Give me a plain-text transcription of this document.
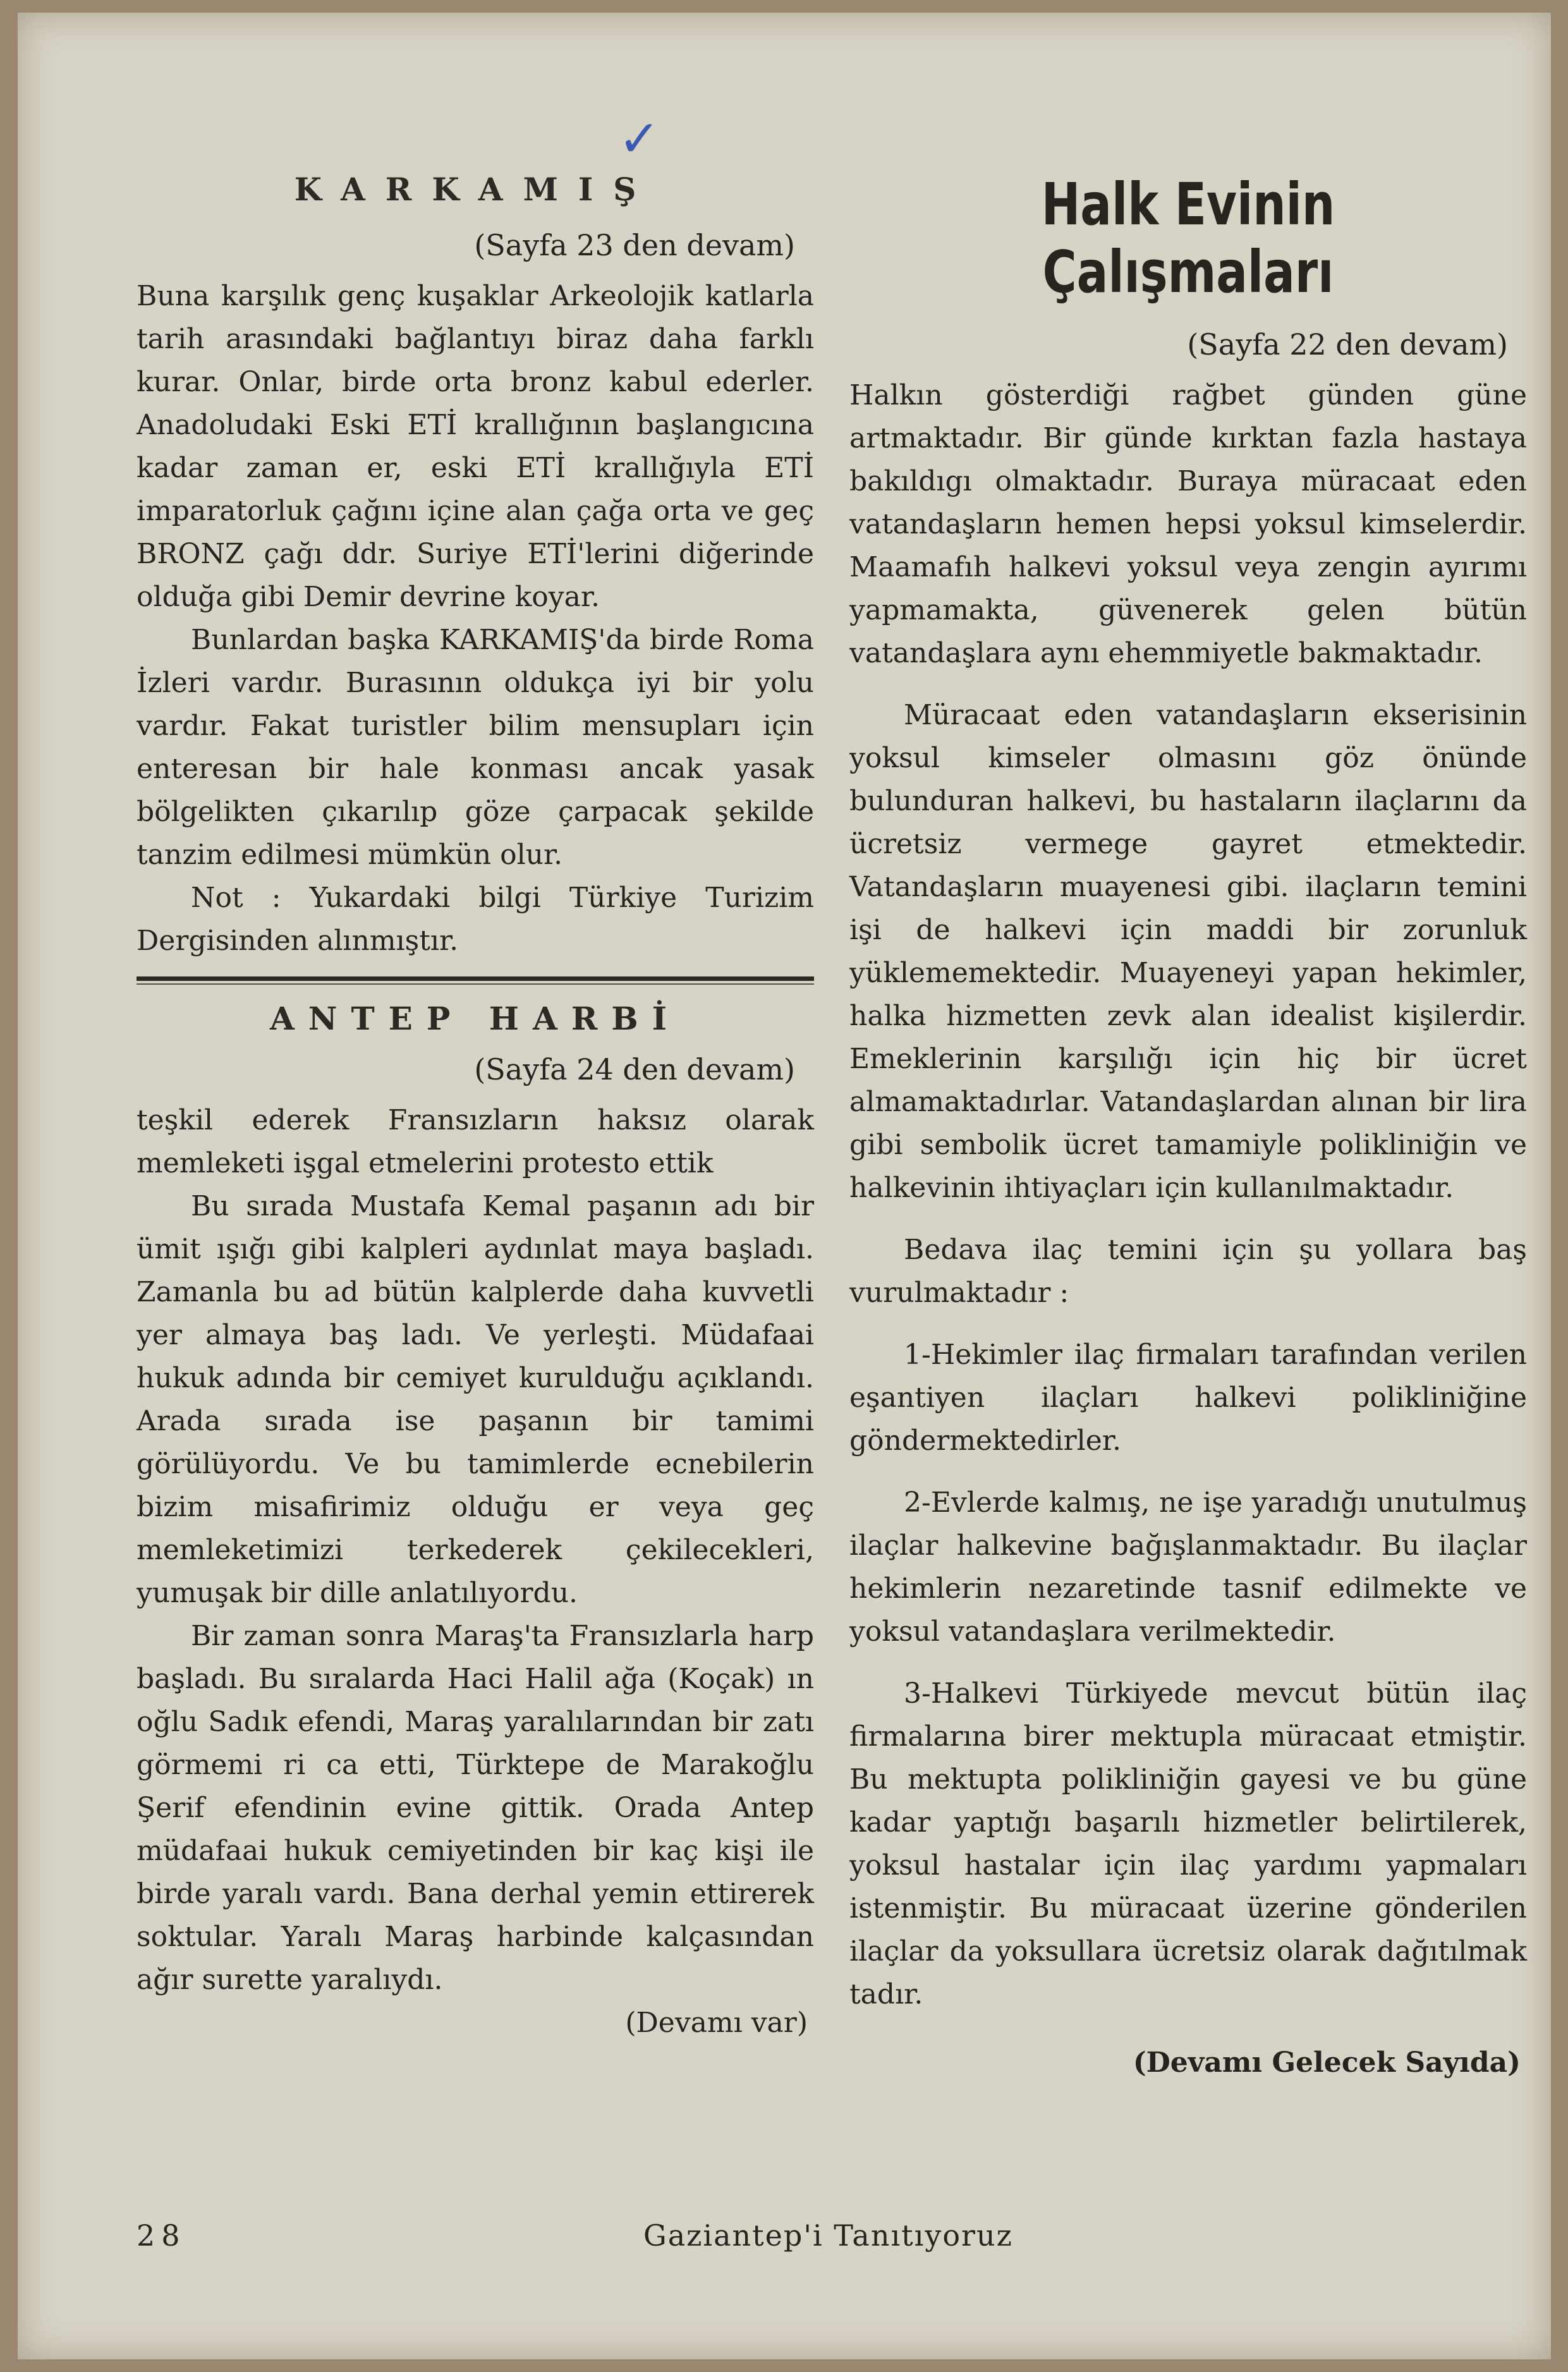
✓
KARKAMIŞ
(Sayfa 23 den devam)

Buna karşılık genç kuşaklar Arkeolojik katlarla tarih arasındaki bağlantıyı biraz daha farklı kurar. Onlar, birde orta bronz kabul ederler. Anadoludaki Eski ETİ krallığının başlangıcına kadar zaman er, eski ETİ krallığıyla ETİ imparatorluk çağını içine alan çağa orta ve geç BRONZ çağı ddr. Suriye ETİ'lerini diğerinde olduğa gibi Demir devrine koyar.

Bunlardan başka KARKAMIŞ'da birde Roma İzleri vardır. Burasının oldukça iyi bir yolu vardır. Fakat turistler bilim mensupları için enteresan bir hale konması ancak yasak bölgelikten çıkarılıp göze çarpacak şekilde tanzim edilmesi mümkün olur.

Not : Yukardaki bilgi Türkiye Turizim Dergisinden alınmıştır.

ANTEP HARBİ
(Sayfa 24 den devam)

teşkil ederek Fransızların haksız olarak memleketi işgal etmelerini protesto ettik

Bu sırada Mustafa Kemal paşanın adı bir ümit ışığı gibi kalpleri aydınlat maya başladı. Zamanla bu ad bütün kalplerde daha kuvvetli yer almaya baş ladı. Ve yerleşti. Müdafaai hukuk adında bir cemiyet kurulduğu açıklandı. Arada sırada ise paşanın bir tamimi görülüyordu. Ve bu tamimlerde ecnebilerin bizim misafirimiz olduğu er veya geç memleketimizi terkederek çekilecekleri, yumuşak bir dille anlatılıyordu.

Bir zaman sonra Maraş'ta Fransızlarla harp başladı. Bu sıralarda Haci Halil ağa (Koçak) ın oğlu Sadık efendi, Maraş yaralılarından bir zatı görmemi ri ca etti, Türktepe de Marakoğlu Şerif efendinin evine gittik. Orada Antep müdafaai hukuk cemiyetinden bir kaç kişi ile birde yaralı vardı. Bana derhal yemin ettirerek soktular. Yaralı Maraş harbinde kalçasından ağır surette yaralıydı.

(Devamı var)
Halk Evinin Çalışmaları
(Sayfa 22 den devam)

Halkın gösterdiği rağbet günden güne artmaktadır. Bir günde kırktan fazla hastaya bakıldıgı olmaktadır. Buraya müracaat eden vatandaşların hemen hepsi yoksul kimselerdir. Maamafıh halkevi yoksul veya zengin ayırımı yapmamakta, güvenerek gelen bütün vatandaşlara aynı ehemmiyetle bakmaktadır.

Müracaat eden vatandaşların ekserisinin yoksul kimseler olmasını göz önünde bulunduran halkevi, bu hastaların ilaçlarını da ücretsiz vermege gayret etmektedir. Vatandaşların muayenesi gibi. ilaçların temini işi de halkevi için maddi bir zorunluk yüklememektedir. Muayeneyi yapan hekimler, halka hizmetten zevk alan idealist kişilerdir. Emeklerinin karşılığı için hiç bir ücret almamaktadırlar. Vatandaşlardan alınan bir lira gibi sembolik ücret tamamiyle polikliniğin ve halkevinin ihtiyaçları için kullanılmaktadır.

Bedava ilaç temini için şu yollara baş vurulmaktadır :

1-Hekimler ilaç firmaları tarafından verilen eşantiyen ilaçları halkevi polikliniğine göndermektedirler.

2-Evlerde kalmış, ne işe yaradığı unutulmuş ilaçlar halkevine bağışlanmaktadır. Bu ilaçlar hekimlerin nezaretinde tasnif edilmekte ve yoksul vatandaşlara verilmektedir.

3-Halkevi Türkiyede mevcut bütün ilaç firmalarına birer mektupla müracaat etmiştir. Bu mektupta polikliniğin gayesi ve bu güne kadar yaptığı başarılı hizmetler belirtilerek, yoksul hastalar için ilaç yardımı yapmaları istenmiştir. Bu müracaat üzerine gönderilen ilaçlar da yoksullara ücretsiz olarak dağıtılmak tadır.

(Devamı Gelecek Sayıda)
28	Gaziantep'i Tanıtıyoruz
